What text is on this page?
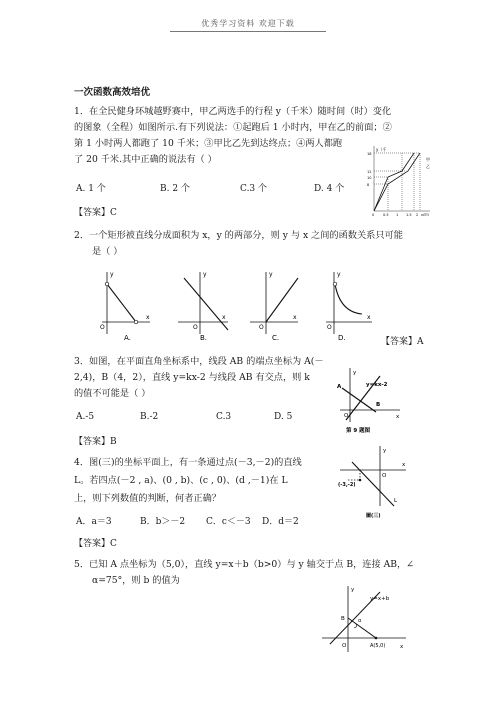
优秀学习资料 欢迎下载
一次函数高效培优
1．在全民健身环城越野赛中，甲乙两选手的行程 y（千米）随时间（时）变化
的图象（全程）如图所示.有下列说法：①起跑后 1 小时内，甲在乙的前面；②
第 1 小时两人都跑了 10 千米；③甲比乙先到达终点；④两人都跑
了 20 千米.其中正确的说法有（ ）
A. 1 个	B. 2 个	C.3 个	D. 4 个
【答案】C
y（千
18
12
10
8
0	0.5 1 1.5 2 x(时)
甲
乙
2．一个矩形被直线分成面积为 x，y 的两部分，则 y 与 x 之间的函数关系只可能
是（ ）
y
x
O
y
x
O
y
x
O
y
x
O
A.	B.	C.	D.	【答案】A
3．如图，在平面直角坐标系中，线段 AB 的端点坐标为 A(－
2,4)，B（4，2），直线 y=kx-2 与线段 AB 有交点，则 k
的值不可能是（ ）
A.-5	B.-2	C.3	D. 5
【答案】B
y
x
O
A
B
y=kx-2
第 9 题图
4．图(三)的坐标平面上，有一条通过点(－3,－2)的直线
L。若四点(－2 , a)、(0 , b)、(c , 0)、(d ,－1)在 L
上，则下列数值的判断，何者正确？
A．a＝3	B．b＞－2 C．c＜－3 D．d＝2
【答案】C
y
x
O
(-3,-2)
L
圖(三)
5．已知 A 点坐标为（5,0），直线 y=x＋b（b>0）与 y 轴交于点 B，连接 AB，∠
α=75°，则 b 的值为
y
x
O
y=x+b
B	α
A(5,0)
